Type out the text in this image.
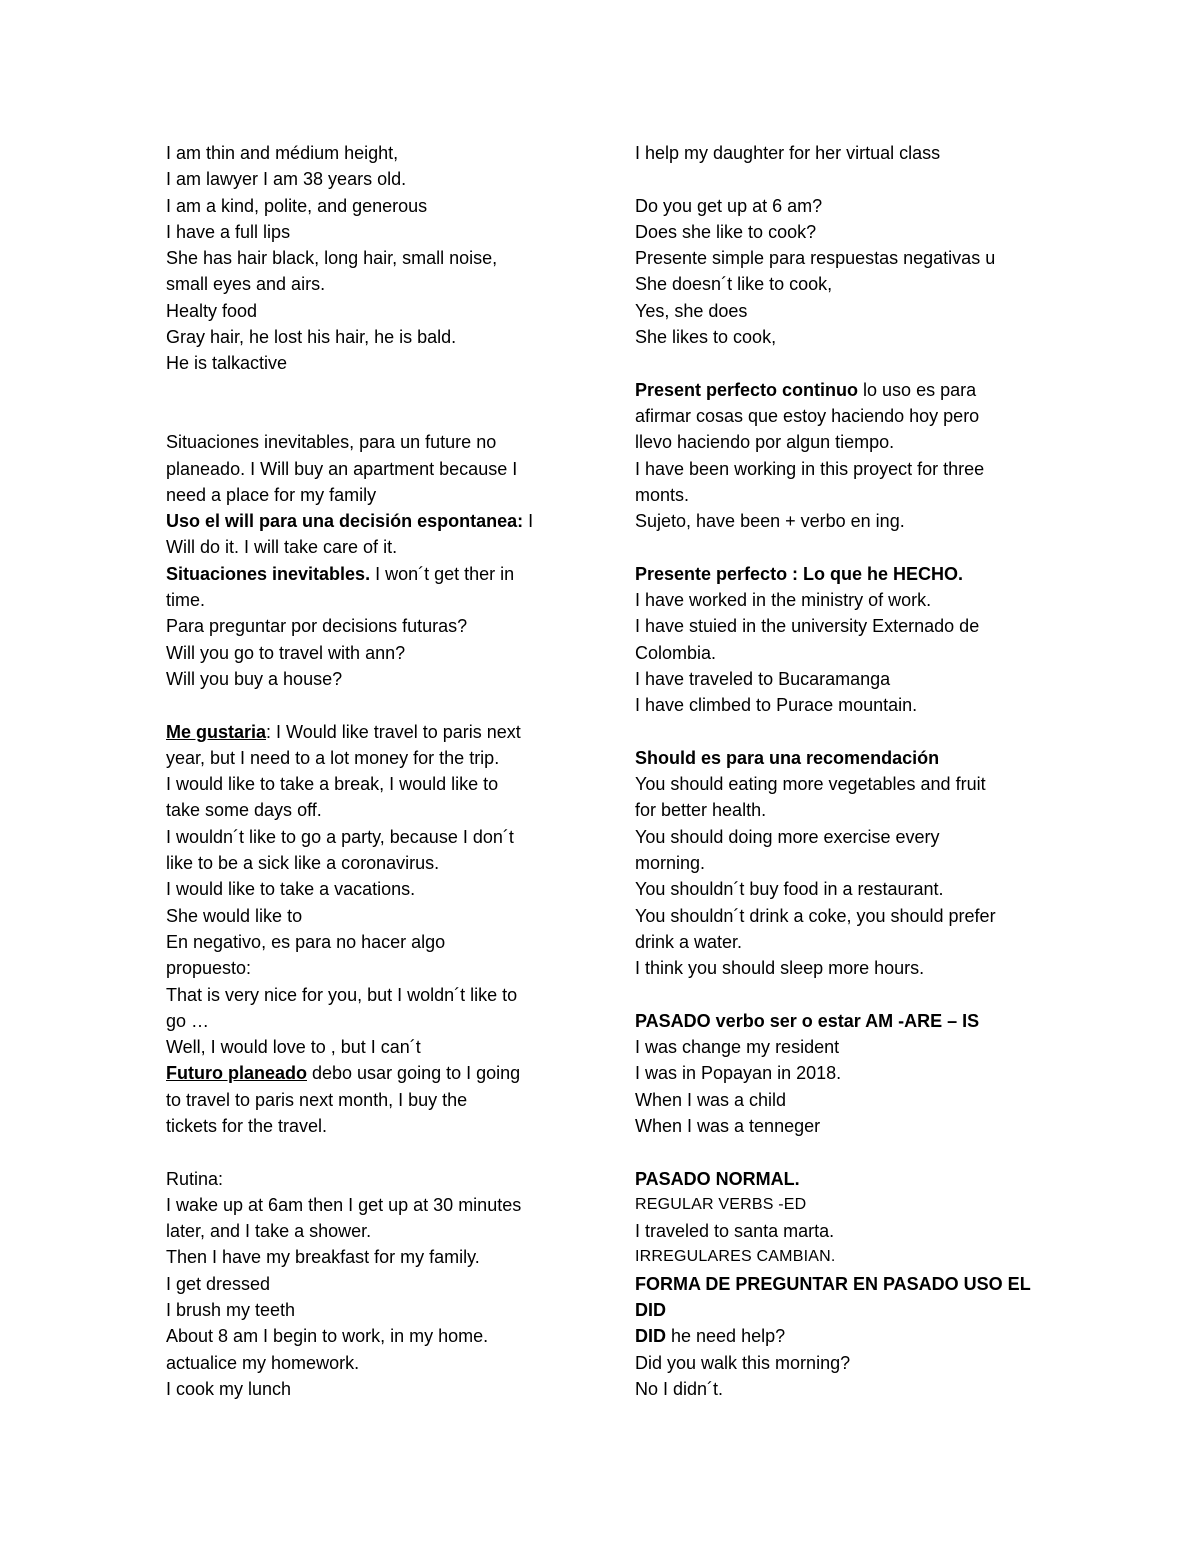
I am thin and médium height,
I am lawyer I am 38 years old.
I am a kind, polite, and generous
I have a full lips
She has hair black, long hair, small noise,
small eyes and airs.
Healty food
Gray hair, he lost his hair, he is bald.
He is talkactive
Situaciones inevitables, para un future no
planeado. I Will buy an apartment because I
need a place for my family
Uso el will para una decisión espontanea: I
Will do it. I will take care of it.
Situaciones inevitables. I won´t get ther in
time.
Para preguntar por decisions futuras?
Will you go to travel with ann?
Will you buy a house?
Me gustaria: I Would like travel to paris next
year, but I need to a lot money for the trip.
I would like to take a break, I would like to
take some days off.
I wouldn´t like to go a party, because I don´t
like to be a sick like a coronavirus.
I would like to take a vacations.
She would like to
En negativo, es para no hacer algo
propuesto:
That is very nice for you, but I woldn´t like to
go …
Well, I would love to , but I can´t
Futuro planeado debo usar going to I going
to travel to paris next month, I buy the
tickets for the travel.
Rutina:
I wake up at 6am then I get up at 30 minutes
later, and I take a shower.
Then I have my breakfast for my family.
I get dressed
I brush my teeth
About 8 am I begin to work, in my home.
actualice my homework.
I cook my lunch
I help my daughter for her virtual class
Do you get up at 6 am?
Does she like to cook?
Presente simple para respuestas negativas u
She doesn´t like to cook,
Yes, she does
She likes to cook,
Present perfecto continuo lo uso es para
afirmar cosas que estoy haciendo hoy pero
llevo haciendo por algun tiempo.
I have been working in this proyect for three
monts.
Sujeto, have been + verbo en ing.
Presente perfecto : Lo que he HECHO.
I have worked in the ministry of work.
I have stuied in the university Externado de
Colombia.
I have traveled to Bucaramanga
I have climbed to Purace mountain.
Should es para una recomendación
You should eating more vegetables and fruit
for better health.
You should doing more exercise every
morning.
You shouldn´t buy food in a restaurant.
You shouldn´t drink a coke, you should prefer
drink a water.
I think you should sleep more hours.
PASADO verbo ser o estar AM -ARE – IS
I was change my resident
I was in Popayan in 2018.
When I was a child
When I was a tenneger
PASADO NORMAL.
REGULAR VERBS -ED
I traveled to santa marta.
IRREGULARES CAMBIAN.
FORMA DE PREGUNTAR EN PASADO USO EL
DID
DID he need help?
Did you walk this morning?
No I didn´t.
